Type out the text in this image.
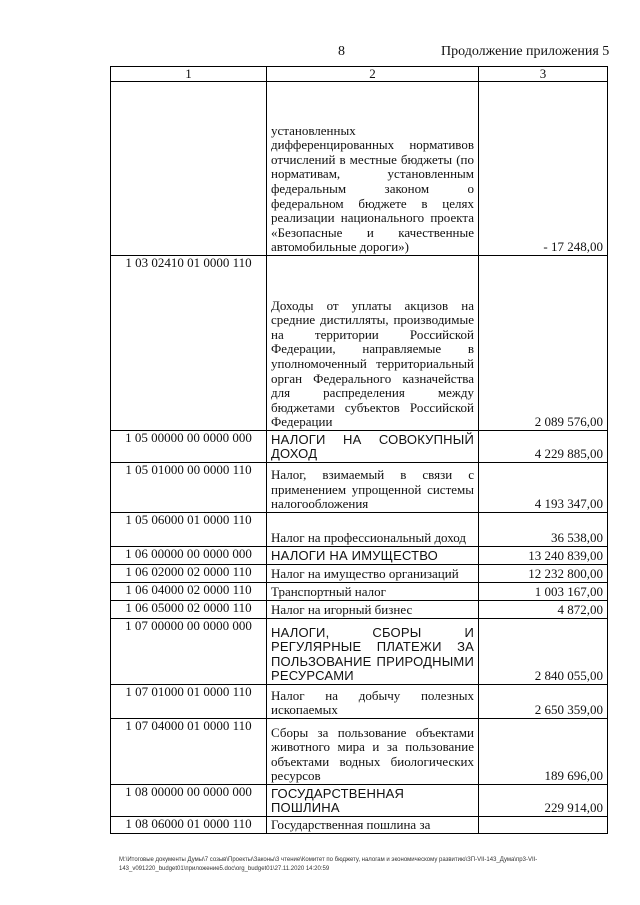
8	Продолжение приложения 5
1	2	3
	установленных дифференцированных нормативов отчислений в местные бюджеты (по нормативам, установленным федеральным законом о федеральном бюджете в целях реализации национального проекта «Безопасные и качественные автомобильные дороги»)	- 17 248,00
1 03 02410 01 0000 110	Доходы от уплаты акцизов на средние дистилляты, производимые на территории Российской Федерации, направляемые в уполномоченный территориальный орган Федерального казначейства для распределения между бюджетами субъектов Российской Федерации	2 089 576,00
1 05 00000 00 0000 000	НАЛОГИ НА СОВОКУПНЫЙ ДОХОД	4 229 885,00
1 05 01000 00 0000 110	Налог, взимаемый в связи с применением упрощенной системы налогообложения	4 193 347,00
1 05 06000 01 0000 110	Налог на профессиональный доход	36 538,00
1 06 00000 00 0000 000	НАЛОГИ НА ИМУЩЕСТВО	13 240 839,00
1 06 02000 02 0000 110	Налог на имущество организаций	12 232 800,00
1 06 04000 02 0000 110	Транспортный налог	1 003 167,00
1 06 05000 02 0000 110	Налог на игорный бизнес	4 872,00
1 07 00000 00 0000 000	НАЛОГИ, СБОРЫ И РЕГУЛЯРНЫЕ ПЛАТЕЖИ ЗА ПОЛЬЗОВАНИЕ ПРИРОДНЫМИ РЕСУРСАМИ	2 840 055,00
1 07 01000 01 0000 110	Налог на добычу полезных ископаемых	2 650 359,00
1 07 04000 01 0000 110	Сборы за пользование объектами животного мира и за пользование объектами водных биологических ресурсов	189 696,00
1 08 00000 00 0000 000	ГОСУДАРСТВЕННАЯ ПОШЛИНА	229 914,00
1 08 06000 01 0000 110	Государственная пошлина за	
M:\Итоговые документы Думы\7 созыв\Проекты\Законы\3 чтение\Комитет по бюджету, налогам и экономическому развитию\ЗП-VII-143_Дума\пр3-VII-143_v091220_budget01\приложение5.doc\org_budget01\27.11.2020 14:20:59
